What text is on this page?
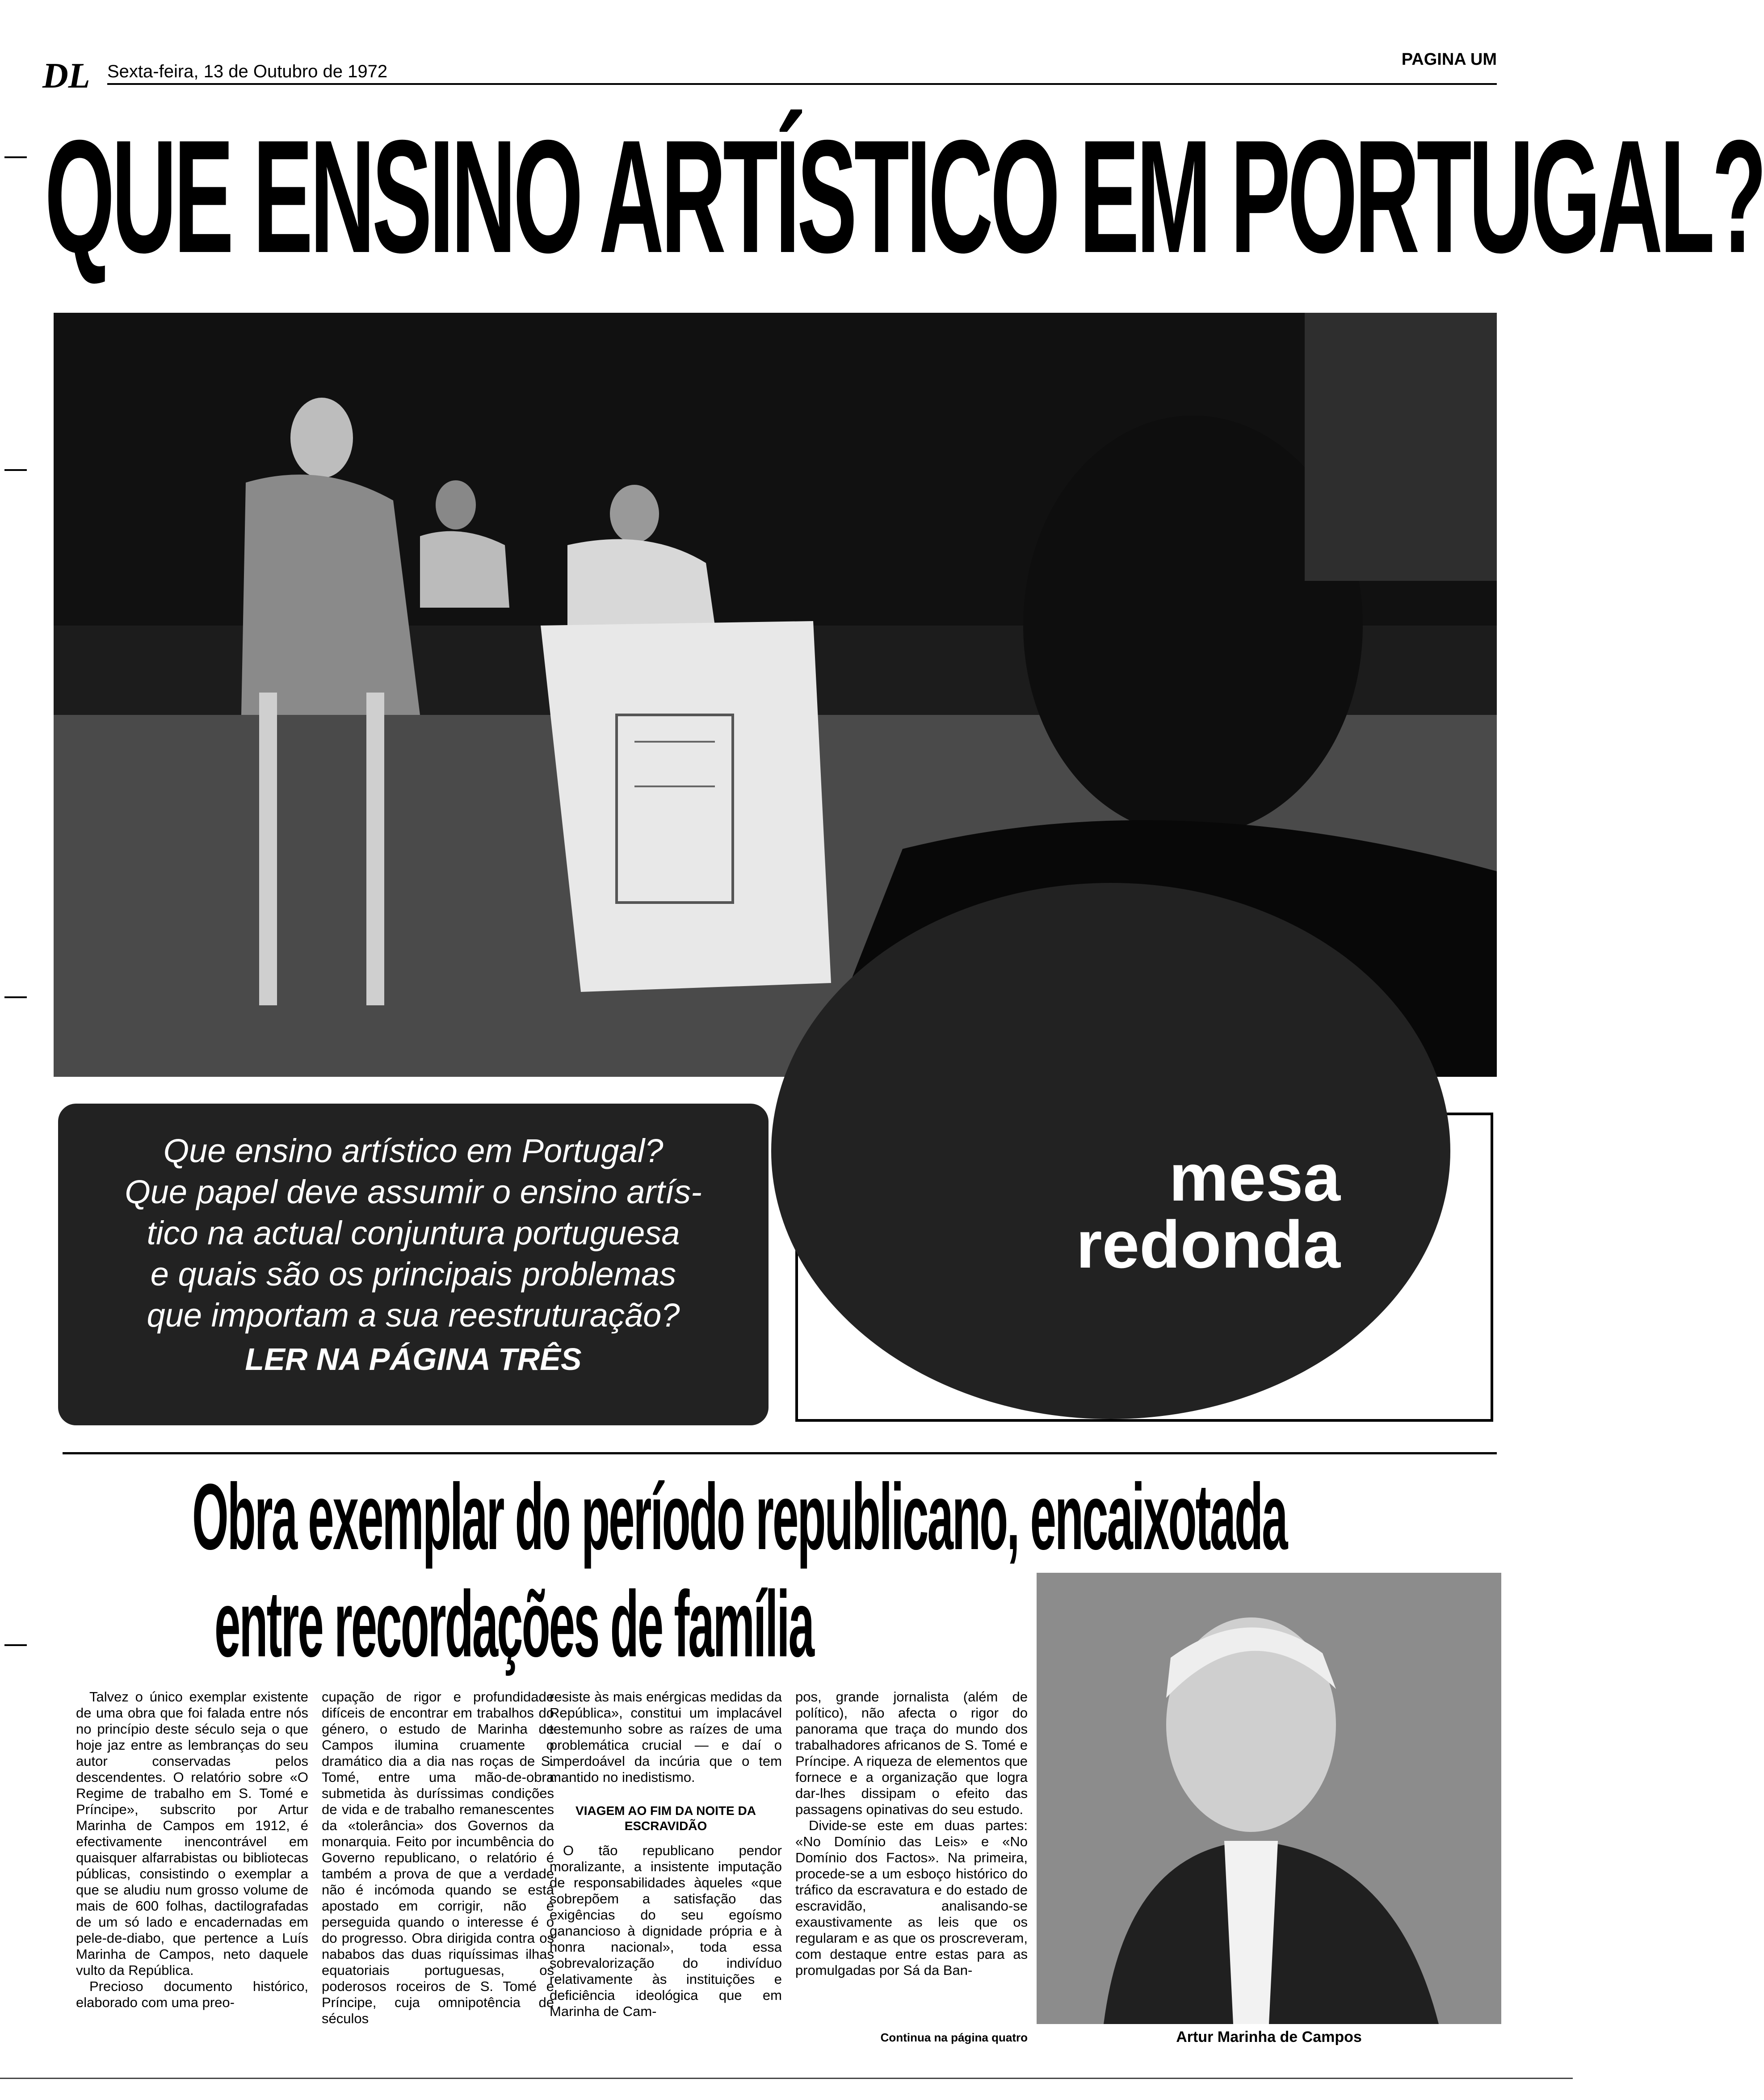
DL Sexta-feira, 13 de Outubro de 1972
PAGINA UM
QUE ENSINO ARTÍSTICO EM PORTUGAL?

Que ensino artístico em Portugal?

Que papel deve assumir o ensino artís-

tico na actual conjuntura portuguesa

e quais são os principais problemas

que importam a sua reestruturação?

LER NA PÁGINA TRÊS

mesa
redonda
Obra exemplar do período republicano, encaixotada
entre recordações de família

Talvez o único exemplar existente de uma obra que foi falada entre nós no princípio deste século seja o que hoje jaz entre as lembranças do seu autor conservadas pelos descendentes. O relatório sobre «O Regime de trabalho em S. Tomé e Príncipe», subscrito por Artur Marinha de Campos em 1912, é efectivamente inencontrável em quaisquer alfarrabistas ou bibliotecas públicas, consistindo o exemplar a que se aludiu num grosso volume de mais de 600 folhas, dactilografadas de um só lado e encadernadas em pele-de-diabo, que pertence a Luís Marinha de Campos, neto daquele vulto da República.

Precioso documento histórico, elaborado com uma preo-

cupação de rigor e profundidade difíceis de encontrar em trabalhos do género, o estudo de Marinha de Campos ilumina cruamente o dramático dia a dia nas roças de S. Tomé, entre uma mão-de-obra submetida às duríssimas condições de vida e de trabalho remanescentes da «tolerância» dos Governos da monarquia. Feito por incumbência do Governo republicano, o relatório é também a prova de que a verdade não é incómoda quando se está apostado em corrigir, não é perseguida quando o interesse é o do progresso. Obra dirigida contra os nababos das duas riquíssimas ilhas equatoriais portuguesas, os poderosos roceiros de S. Tomé e Príncipe, cuja omnipotência de séculos

resiste às mais enérgicas medidas da República», constitui um implacável testemunho sobre as raízes de uma problemática crucial — e daí o imperdoável da incúria que o tem mantido no inedistismo.

VIAGEM AO FIM DA NOITE DA ESCRAVIDÃO

O tão republicano pendor moralizante, a insistente imputação de responsabilidades àqueles «que sobrepõem a satisfação das exigências do seu egoísmo ganancioso à dignidade própria e à honra nacional», toda essa sobrevalorização do indivíduo relativamente às instituições e deficiência ideológica que em Marinha de Cam-

pos, grande jornalista (além de político), não afecta o rigor do panorama que traça do mundo dos trabalhadores africanos de S. Tomé e Príncipe. A riqueza de elementos que fornece e a organização que logra dar-lhes dissipam o efeito das passagens opinativas do seu estudo.

Divide-se este em duas partes: «No Domínio das Leis» e «No Domínio dos Factos». Na primeira, procede-se a um esboço histórico do tráfico da escravatura e do estado de escravidão, analisando-se exaustivamente as leis que os regularam e as que os proscreveram, com destaque entre estas para as promulgadas por Sá da Ban-

Continua na página quatro	Artur Marinha de Campos
